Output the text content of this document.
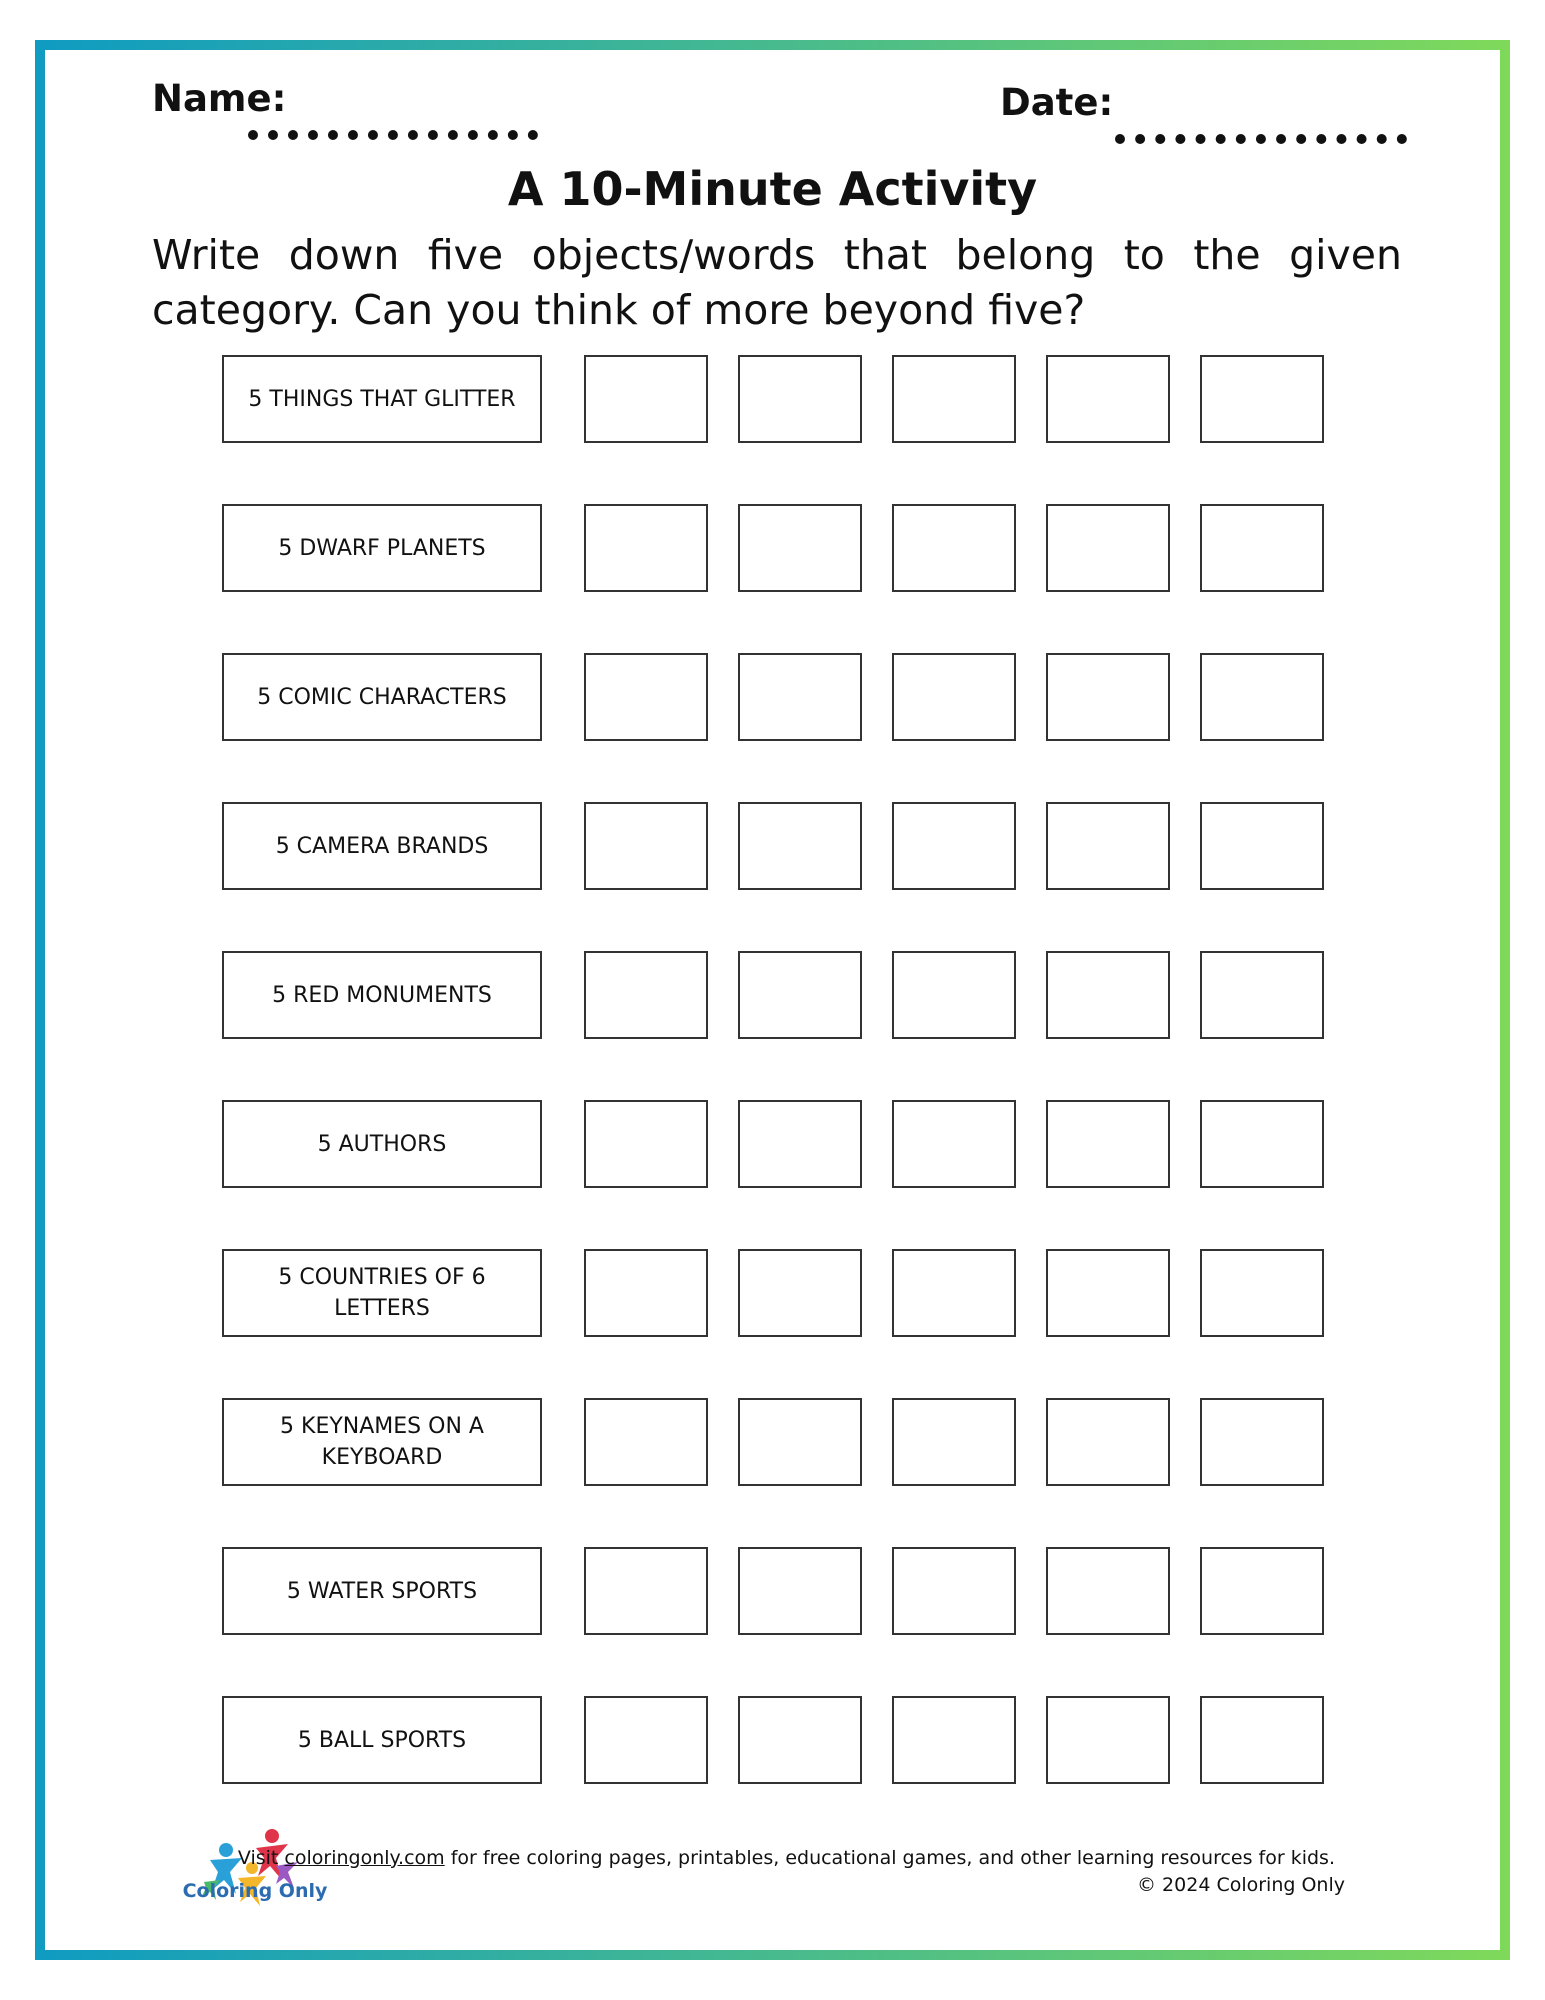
Name:	Date:
A 10-Minute Activity
Write down five objects/words that belong to the given category. Can you think of more beyond five?
5 THINGS THAT GLITTER
5 DWARF PLANETS
5 COMIC CHARACTERS
5 CAMERA BRANDS
5 RED MONUMENTS
5 AUTHORS
5 COUNTRIES OF 6 LETTERS
5 KEYNAMES ON A KEYBOARD
5 WATER SPORTS
5 BALL SPORTS
Coloring Only
Visit coloringonly.com for free coloring pages, printables, educational games, and other learning resources for kids.
© 2024 Coloring Only
